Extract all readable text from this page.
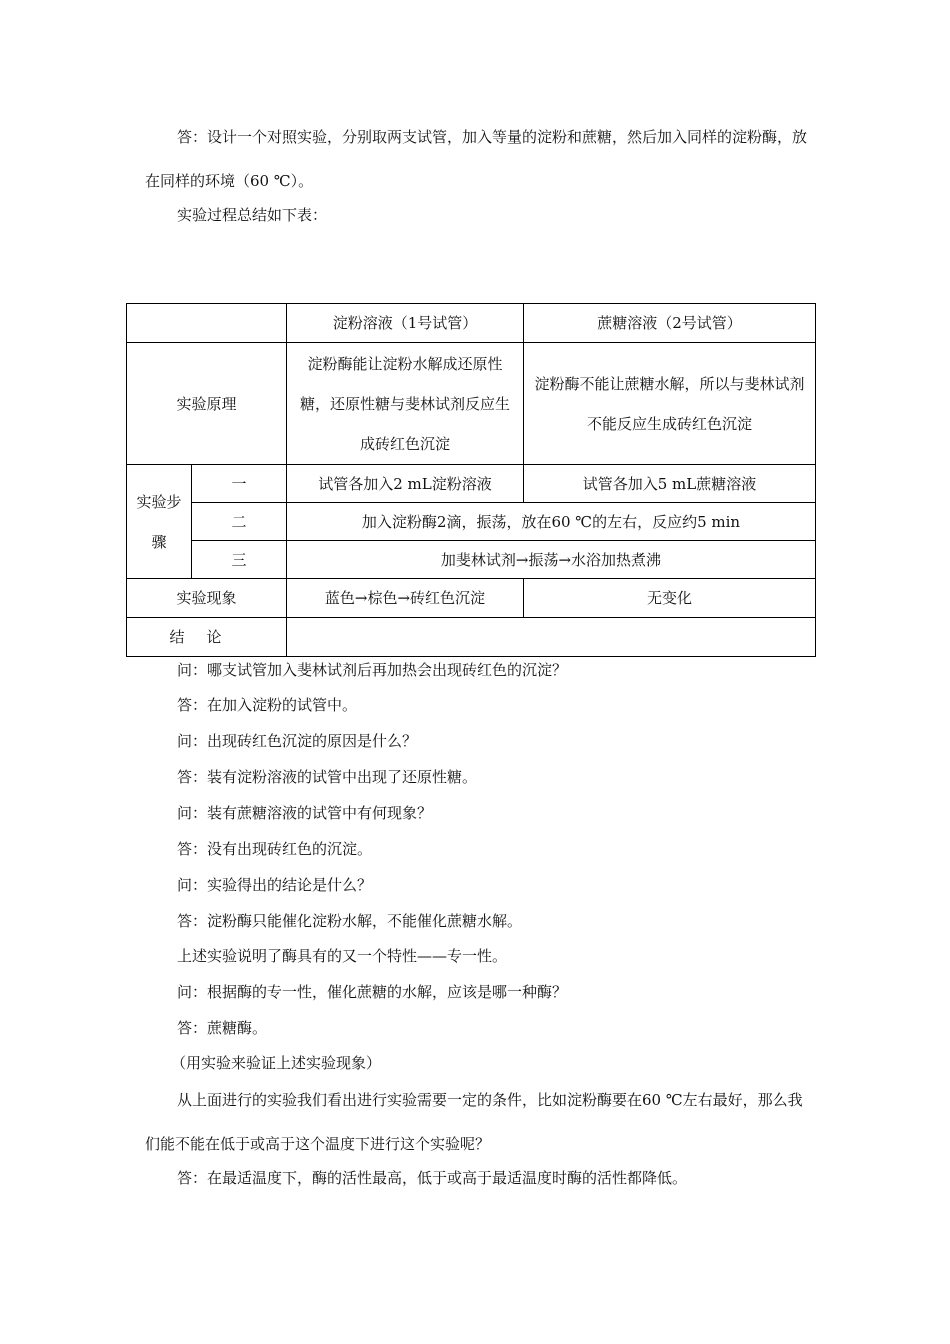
答：设计一个对照实验，分别取两支试管，加入等量的淀粉和蔗糖，然后加入同样的淀粉酶，放在同样的环境（60 ℃）。

实验过程总结如下表：

		淀粉溶液（1号试管）	蔗糖溶液（2号试管）
实验原理		淀粉酶能让淀粉水解成还原性糖，还原性糖与斐林试剂反应生成砖红色沉淀	淀粉酶不能让蔗糖水解，所以与斐林试剂不能反应生成砖红色沉淀
实验步骤	一	试管各加入2 mL淀粉溶液	试管各加入5 mL蔗糖溶液
	二	加入淀粉酶2滴，振荡，放在60 ℃的左右，反应约5 min	
	三	加斐林试剂→振荡→水浴加热煮沸	
实验现象		蓝色→棕色→砖红色沉淀	无变化
结论			

问：哪支试管加入斐林试剂后再加热会出现砖红色的沉淀？

答：在加入淀粉的试管中。

问：出现砖红色沉淀的原因是什么？

答：装有淀粉溶液的试管中出现了还原性糖。

问：装有蔗糖溶液的试管中有何现象？

答：没有出现砖红色的沉淀。

问：实验得出的结论是什么？

答：淀粉酶只能催化淀粉水解，不能催化蔗糖水解。

上述实验说明了酶具有的又一个特性——专一性。

问：根据酶的专一性，催化蔗糖的水解，应该是哪一种酶？

答：蔗糖酶。

（用实验来验证上述实验现象）

从上面进行的实验我们看出进行实验需要一定的条件，比如淀粉酶要在60 ℃左右最好，那么我们能不能在低于或高于这个温度下进行这个实验呢？

答：在最适温度下，酶的活性最高，低于或高于最适温度时酶的活性都降低。
